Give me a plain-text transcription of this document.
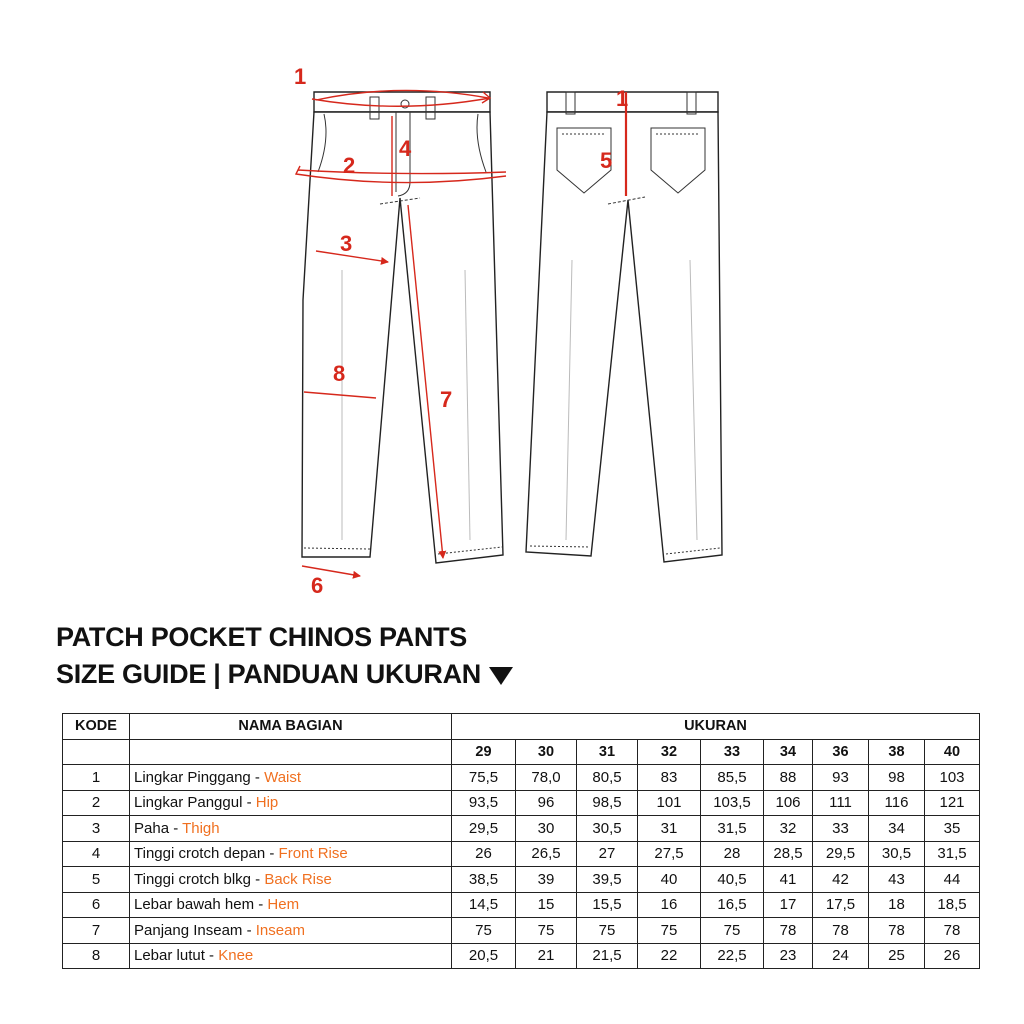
1
1
2
3
4	5
6
7
8
PATCH POCKET CHINOS PANTS
SIZE GUIDE | PANDUAN UKURAN
KODE	NAMA BAGIAN	UKURAN								
		29	30	31	32	33	34	36	38	40
1	Lingkar Pinggang - Waist	75,5	78,0	80,5	83	85,5	88	93	98	103
2	Lingkar Panggul - Hip	93,5	96	98,5	101	103,5	106	111	116	121
3	Paha - Thigh	29,5	30	30,5	31	31,5	32	33	34	35
4	Tinggi crotch depan - Front Rise	26	26,5	27	27,5	28	28,5	29,5	30,5	31,5
5	Tinggi crotch blkg - Back Rise	38,5	39	39,5	40	40,5	41	42	43	44
6	Lebar bawah hem - Hem	14,5	15	15,5	16	16,5	17	17,5	18	18,5
7	Panjang Inseam - Inseam	75	75	75	75	75	78	78	78	78
8	Lebar lutut - Knee	20,5	21	21,5	22	22,5	23	24	25	26
